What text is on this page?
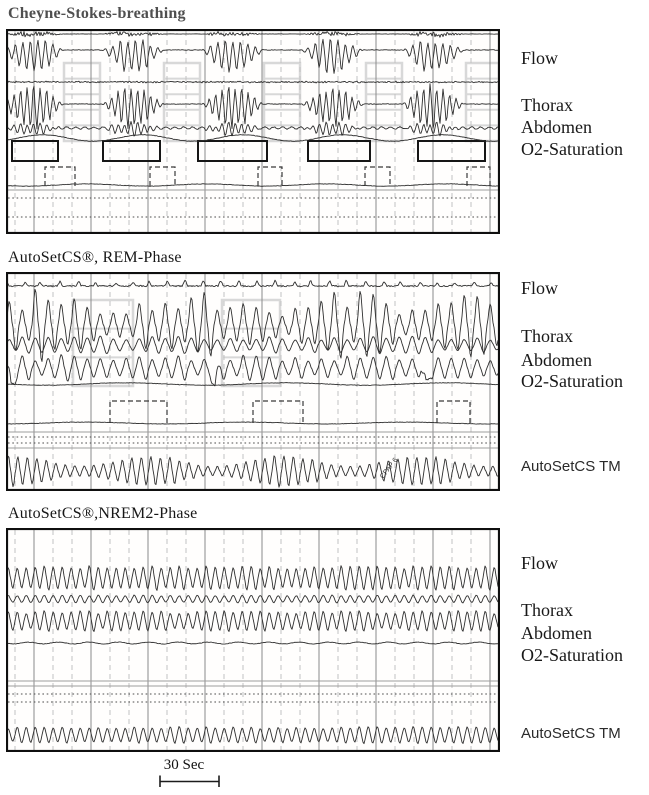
Cheyne-Stokes-breathing
AutoSetCS®, REM-Phase
CPAP 6
AutoSetCS®,NREM2-Phase
Flow
Thorax
Abdomen
O2-Saturation
Flow
Thorax
Abdomen
O2-Saturation
AutoSetCS TM
Flow
Thorax
Abdomen
O2-Saturation
AutoSetCS TM
30 Sec
